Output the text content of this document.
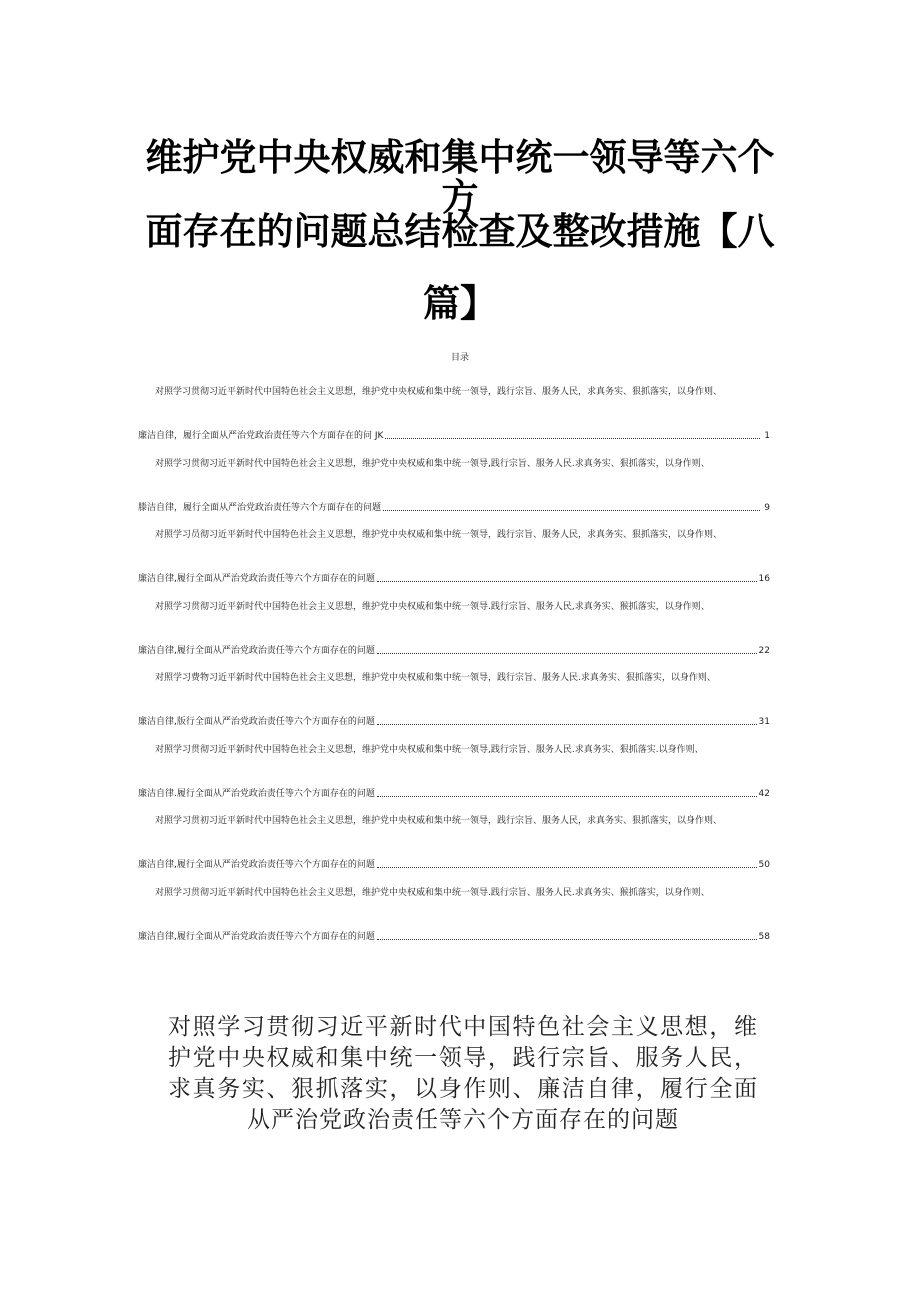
维护党中央权威和集中统一领导等六个方
面存在的问题总结检查及整改措施【八
篇】
目录
对照学习贯彻习近平新时代中国特色社会主义思想，维护党中央权威和集中统一领导，践行宗旨、服务人民，求真务实、狠抓落实，以身作则、
廉洁自律，履行全面从严治党政治责任等六个方面存在的问 JK	1
对照学习贯彻习近平新时代中国特色社会主义思想，维护党中央权威和集中统一领导,践行宗旨、服务人民.求真务实、狠抓落实，以身作则、
滕洁自律，履行全面从严治党政治责任等六个方面存在的问题	9
对照学习员彻习近平新时代中国特色社会主义思想，维护党中央权威和集中统一领导，践行宗旨、服务人民，求真务实、狠抓落实，以身作则、
廉洁自律,履行全面从严治党政治责任等六个方面存在的问题	16
对照学习贯彻习近平新时代中国特色社会主义思想，维护党中央权威和集中统一领导.践行宗旨、服务人民,求真务实、猴抓落实，以身作则、
廉洁自律,履行全面从严治党政治责任等六个方面存在的问题	22
对照学习费物习近平新时代中国特色社会主义思想，维护党中央权威和集中统一领导，践行宗旨、服务人民.求真务实、狠抓落实，以身作则、
廉洁自律,版行全面从严治党政治责任等六个方面存在的问题	31
对照学习贯彻习近平新时代中国特色社会主义思想，维护党中央权威和集中统一领导,践行宗旨、服务人民.求真务实、狠抓落实.以身作则、
廉洁自律.履行全面从严治党政治责任等六个方面存在的问题	42
对照学习贯初习近平新时代中国特色社会主义思想，维护党中央权威和集中统一领导，践行宗旨、服务人民，求真务实、狠抓落实，以身作则、
廉洁自律,履行全面从严治党政治责任等六个方面存在的问题	50
对照学习贯彻习近平新时代中国特色社会主义思想，维护党中央权威和集中统一领导.践行宗旨、服务人民.求真务实、猴抓落实，以身作则、
廉洁自律,履行全面从严治党政治责任等六个方面存在的问题	58
对照学习贯彻习近平新时代中国特色社会主义思想，维护党中央权威和集中统一领导，践行宗旨、服务人民，求真务实、狠抓落实，以身作则、廉洁自律，履行全面从严治党政治责任等六个方面存在的问题
